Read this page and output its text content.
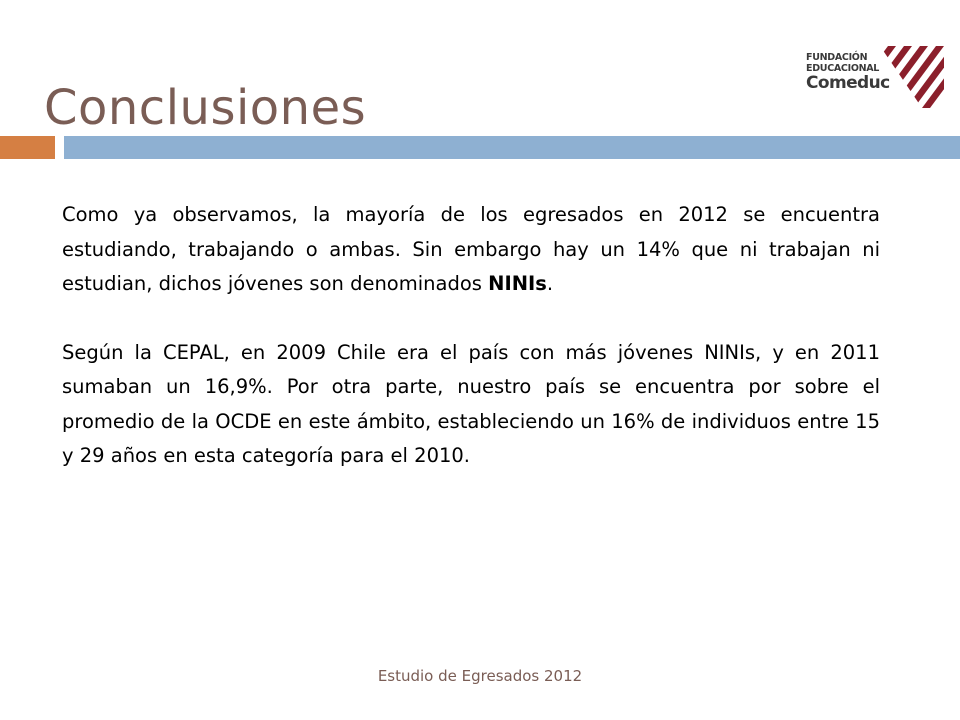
Conclusiones
FUNDACIÓN
EDUCACIONAL
Comeduc

Como ya observamos, la mayoría de los egresados en 2012 se encuentra estudiando, trabajando o ambas. Sin embargo hay un 14% que ni trabajan ni estudian, dichos jóvenes son denominados NINIs.

Según la CEPAL, en 2009 Chile era el país con más jóvenes NINIs, y en 2011 sumaban un 16,9%. Por otra parte, nuestro país se encuentra por sobre el promedio de la OCDE en este ámbito, estableciendo un 16% de individuos entre 15 y 29 años en esta categoría para el 2010.

Estudio de Egresados 2012
